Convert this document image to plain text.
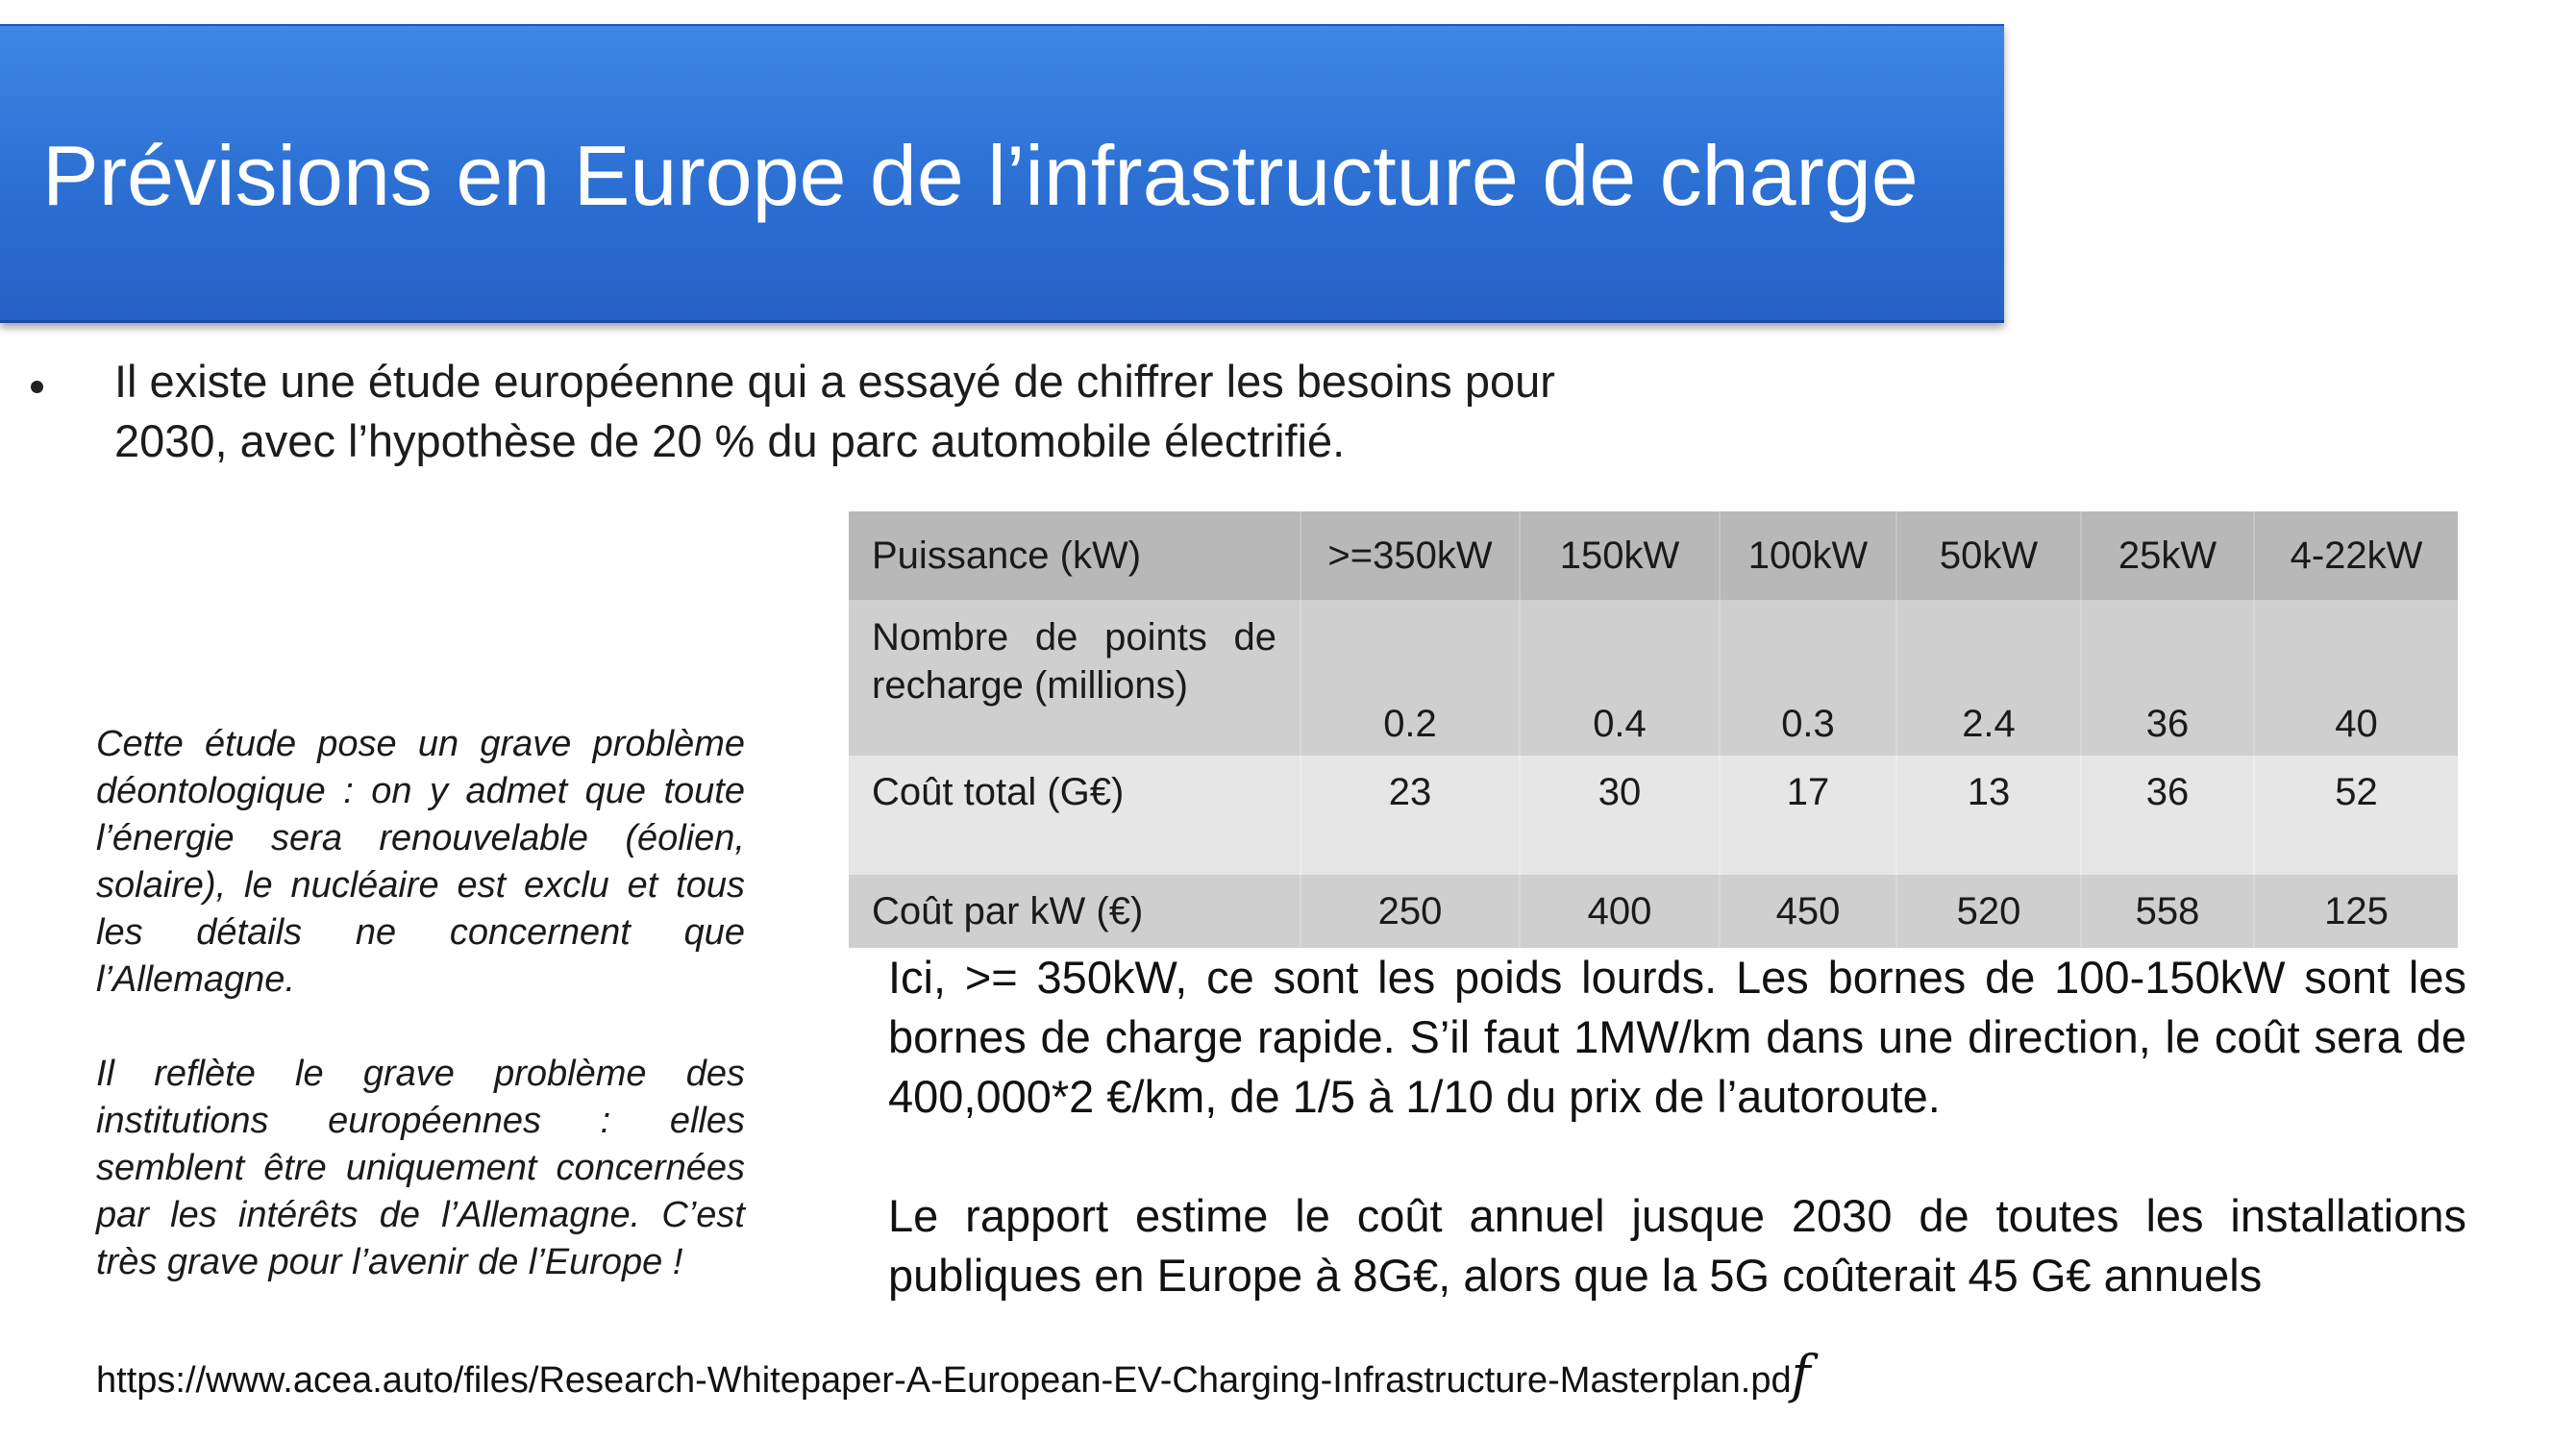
Prévisions en Europe de l’infrastructure de charge
Il existe une étude européenne qui a essayé de chiffrer les besoins pour 2030, avec l’hypothèse de 20 % du parc automobile électrifié.
Puissance (kW)	>=350kW	150kW	100kW	50kW	25kW	4-22kW
Nombre de points de recharge (millions)	0.2	0.4	0.3	2.4	36	40
Coût total (G€)	23	30	17	13	36	52
Coût par kW (€)	250	400	450	520	558	125

Cette étude pose un grave problème déontologique : on y admet que toute l’énergie sera renouvelable (éolien, solaire), le nucléaire est exclu et tous les détails ne concernent que l’Allemagne.

Il reflète le grave problème des institutions européennes : elles semblent être uniquement concernées par les intérêts de l’Allemagne. C’est très grave pour l’avenir de l’Europe !

Ici, >= 350kW, ce sont les poids lourds. Les bornes de 100-150kW sont les bornes de charge rapide. S’il faut 1MW/km dans une direction, le coût sera de 400,000*2 €/km, de 1/5 à 1/10 du prix de l’autoroute.

Le rapport estime le coût annuel jusque 2030 de toutes les installations publiques en Europe à 8G€, alors que la 5G coûterait 45 G€ annuels

https://www.acea.auto/files/Research-Whitepaper-A-European-EV-Charging-Infrastructure-Masterplan.pdf
